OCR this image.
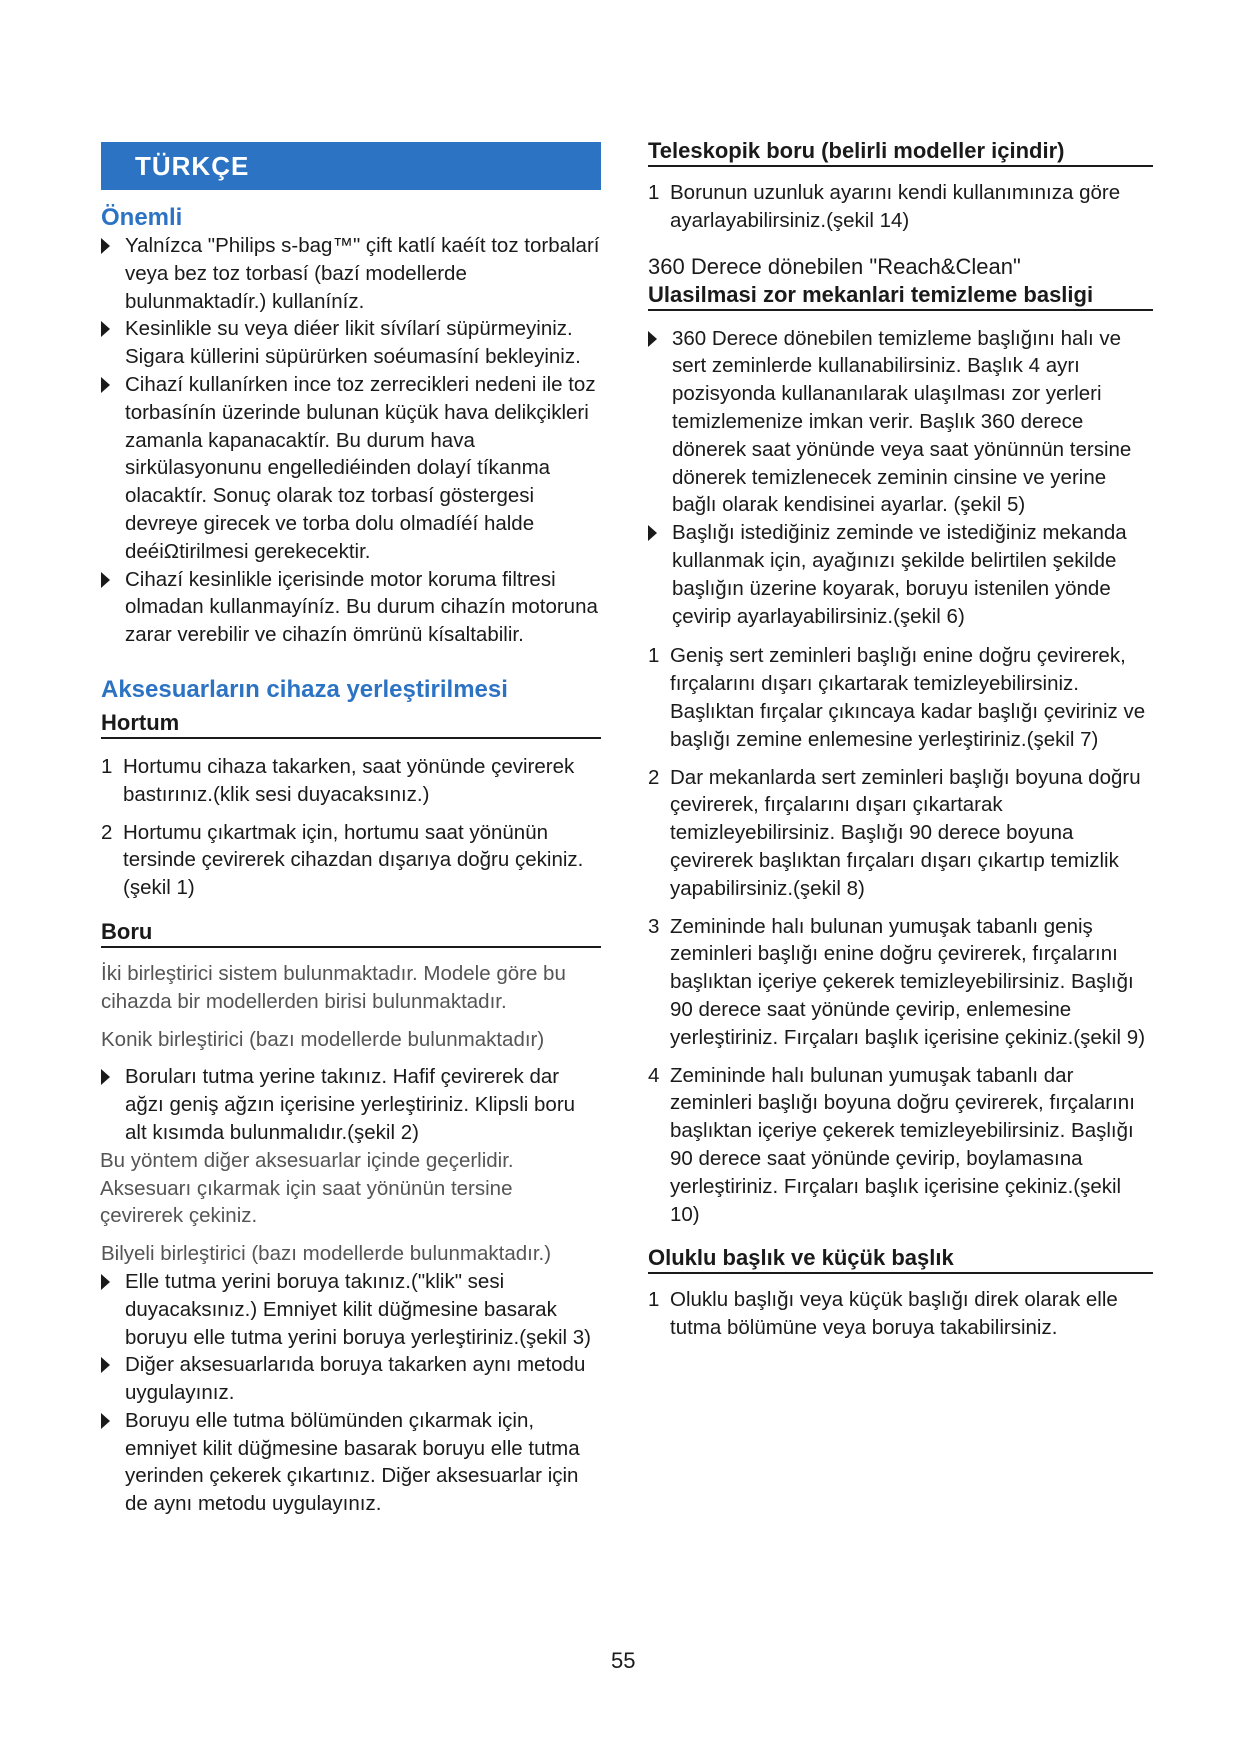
TÜRKÇE
Önemli
Yalnízca "Philips s-bag™" çift katlí kaéít toz torbalarí veya bez toz torbasí (bazí modellerde bulunmaktadír.) kullaníníz.
Kesinlikle su veya diéer likit sívílarí süpürmeyiniz. Sigara küllerini süpürürken soéumasíní bekleyiniz.
Cihazí kullanírken ince toz zerrecikleri nedeni ile toz torbasínín üzerinde bulunan küçük hava delikçikleri zamanla kapanacaktír. Bu durum hava sirkülasyonunu engellediéinden dolayí tíkanma olacaktír. Sonuç olarak toz torbasí göstergesi devreye girecek ve torba dolu olmadíéí halde deéiΩtirilmesi gerekecektir.
Cihazí kesinlikle içerisinde motor koruma filtresi olmadan kullanmayíníz. Bu durum cihazín motoruna zarar verebilir ve cihazín ömrünü kísaltabilir.
Aksesuarların cihaza yerleştirilmesi
Hortum

1 Hortumu cihaza takarken, saat yönünde çevirerek bastırınız.(klik sesi duyacaksınız.)

2 Hortumu çıkartmak için, hortumu saat yönünün tersinde çevirerek cihazdan dışarıya doğru çekiniz.(şekil 1)

Boru

İki birleştirici sistem bulunmaktadır. Modele göre bu cihazda bir modellerden birisi bulunmaktadır.

Konik birleştirici (bazı modellerde bulunmaktadır)

Boruları tutma yerine takınız. Hafif çevirerek dar ağzı geniş ağzın içerisine yerleştiriniz. Klipsli boru alt kısımda bulunmalıdır.(şekil 2)

Bu yöntem diğer aksesuarlar içinde geçerlidir. Aksesuarı çıkarmak için saat yönünün tersine çevirerek çekiniz.

Bilyeli birleştirici (bazı modellerde bulunmaktadır.)

Elle tutma yerini boruya takınız.("klik" sesi duyacaksınız.) Emniyet kilit düğmesine basarak boruyu elle tutma yerini boruya yerleştiriniz.(şekil 3)
Diğer aksesuarlarıda boruya takarken aynı metodu uygulayınız.
Boruyu elle tutma bölümünden çıkarmak için, emniyet kilit düğmesine basarak boruyu elle tutma yerinden çekerek çıkartınız. Diğer aksesuarlar için de aynı metodu uygulayınız.
Teleskopik boru (belirli modeller içindir)

1 Borunun uzunluk ayarını kendi kullanımınıza göre ayarlayabilirsiniz.(şekil 14)

360 Derece dönebilen "Reach&Clean"

Ulasilmasi zor mekanlari temizleme basligi
360 Derece dönebilen temizleme başlığını halı ve sert zeminlerde kullanabilirsiniz. Başlık 4 ayrı pozisyonda kullananılarak ulaşılması zor yerleri temizlemenize imkan verir. Başlık 360 derece dönerek saat yönünde veya saat yönünnün tersine dönerek temizlenecek zeminin cinsine ve yerine bağlı olarak kendisinei ayarlar. (şekil 5)
Başlığı istediğiniz zeminde ve istediğiniz mekanda kullanmak için, ayağınızı şekilde belirtilen şekilde başlığın üzerine koyarak, boruyu istenilen yönde çevirip ayarlayabilirsiniz.(şekil 6)

1 Geniş sert zeminleri başlığı enine doğru çevirerek, fırçalarını dışarı çıkartarak temizleyebilirsiniz. Başlıktan fırçalar çıkıncaya kadar başlığı çeviriniz ve başlığı zemine enlemesine yerleştiriniz.(şekil 7)

2 Dar mekanlarda sert zeminleri başlığı boyuna doğru çevirerek, fırçalarını dışarı çıkartarak temizleyebilirsiniz. Başlığı 90 derece boyuna çevirerek başlıktan fırçaları dışarı çıkartıp temizlik yapabilirsiniz.(şekil 8)

3 Zemininde halı bulunan yumuşak tabanlı geniş zeminleri başlığı enine doğru çevirerek, fırçalarını başlıktan içeriye çekerek temizleyebilirsiniz. Başlığı 90 derece saat yönünde çevirip, enlemesine yerleştiriniz. Fırçaları başlık içerisine çekiniz.(şekil 9)

4 Zemininde halı bulunan yumuşak tabanlı dar zeminleri başlığı boyuna doğru çevirerek, fırçalarını başlıktan içeriye çekerek temizleyebilirsiniz. Başlığı 90 derece saat yönünde çevirip, boylamasına yerleştiriniz. Fırçaları başlık içerisine çekiniz.(şekil 10)

Oluklu başlık ve küçük başlık

1 Oluklu başlığı veya küçük başlığı direk olarak elle tutma bölümüne veya boruya takabilirsiniz.

55
